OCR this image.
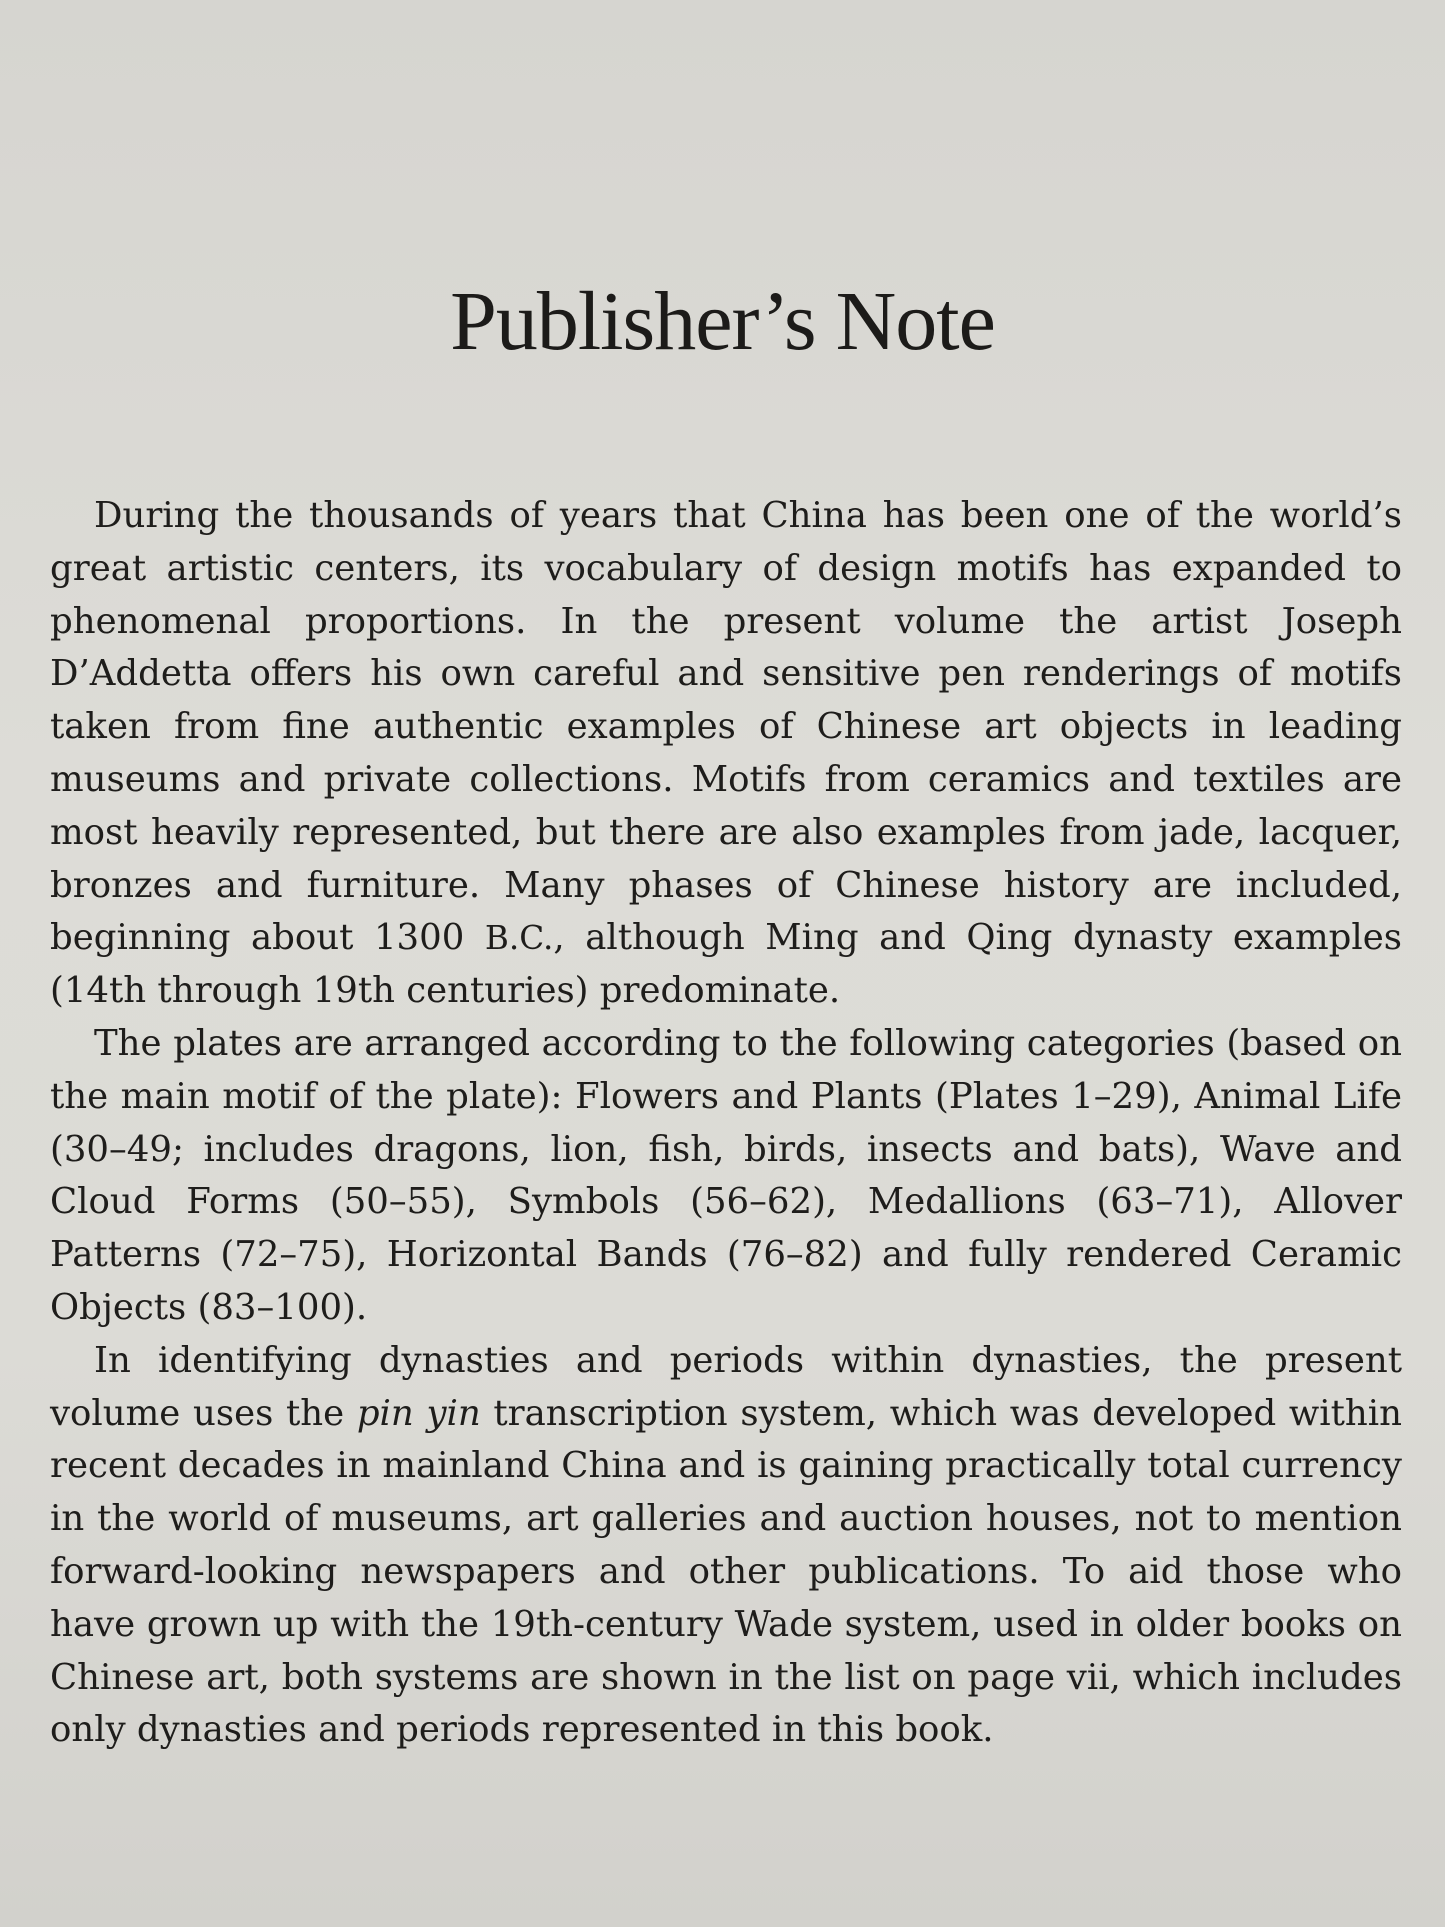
Publisher’s Note

During the thousands of years that China has been one of the world’s great artistic centers, its vocabulary of design motifs has expanded to phenomenal proportions. In the present volume the artist Joseph D’Addetta offers his own careful and sensitive pen renderings of motifs taken from fine authentic examples of Chinese art objects in leading museums and private collections. Motifs from ceramics and textiles are most heavily represented, but there are also examples from jade, lacquer, bronzes and furniture. Many phases of Chinese history are included, beginning about 1300 B.C., although Ming and Qing dynasty examples (14th through 19th centuries) predominate.

The plates are arranged according to the following categories (based on the main motif of the plate): Flowers and Plants (Plates 1–29), Animal Life (30–49; includes dragons, lion, fish, birds, insects and bats), Wave and Cloud Forms (50–55), Symbols (56–62), Medallions (63–71), Allover Patterns (72–75), Horizontal Bands (76–82) and fully rendered Ceramic Objects (83–100).

In identifying dynasties and periods within dynasties, the present volume uses the pin yin transcription system, which was developed within recent decades in mainland China and is gaining practically total currency in the world of museums, art galleries and auction houses, not to mention forward-looking newspapers and other publications. To aid those who have grown up with the 19th-century Wade system, used in older books on Chinese art, both systems are shown in the list on page vii, which includes only dynasties and periods represented in this book.
